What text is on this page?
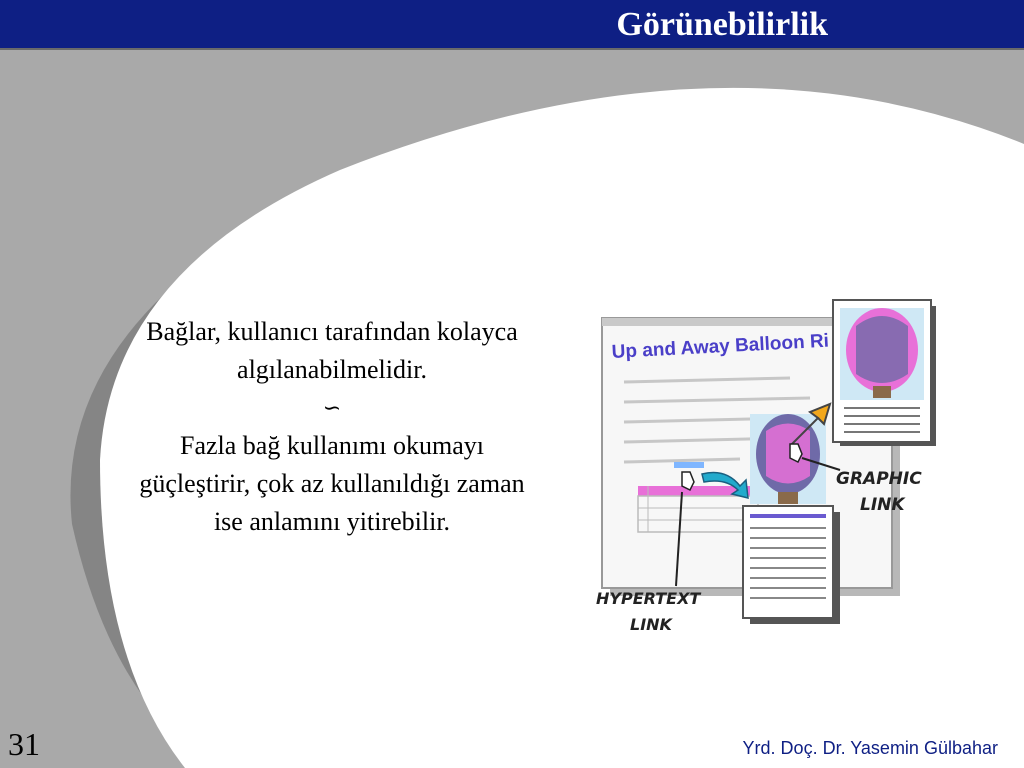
Görünebilirlik

Bağlar, kullanıcı tarafından kolayca algılanabilmelidir.

∽

Fazla bağ kullanımı okumayı güçleştirir, çok az kullanıldığı zaman ise anlamını yitirebilir.

Up and Away Balloon Ri
GRAPHIC
LINK
HYPERTEXT
LINK
31	Yrd. Doç. Dr. Yasemin Gülbahar
